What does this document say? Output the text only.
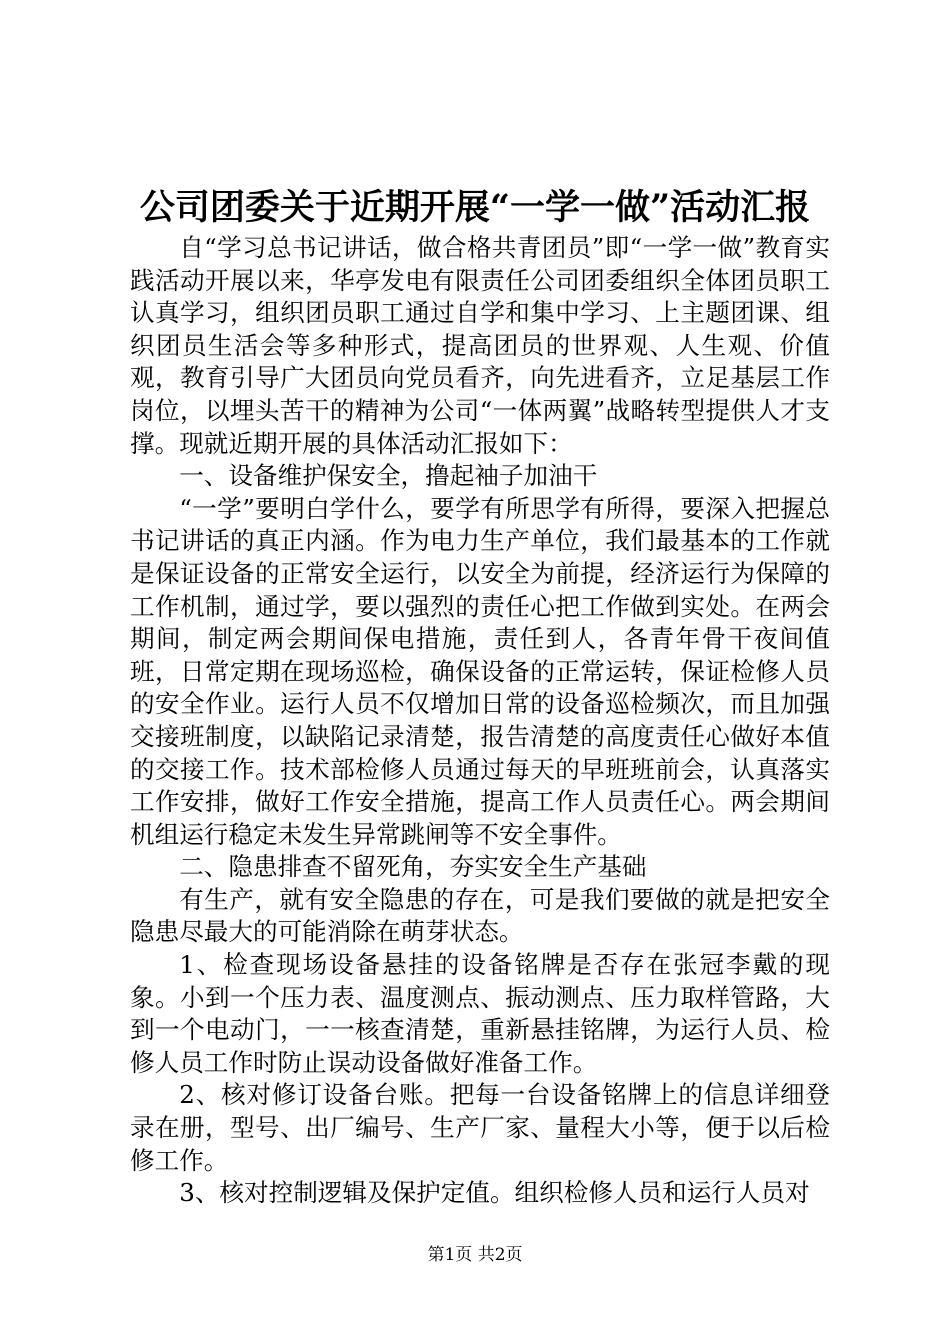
公司团委关于近期开展“一学一做”活动汇报

自“学习总书记讲话，做合格共青团员”即“一学一做”教育实践活动开展以来，华亭发电有限责任公司团委组织全体团员职工认真学习，组织团员职工通过自学和集中学习、上主题团课、组织团员生活会等多种形式，提高团员的世界观、人生观、价值观，教育引导广大团员向党员看齐，向先进看齐，立足基层工作岗位，以埋头苦干的精神为公司“一体两翼”战略转型提供人才支撑。现就近期开展的具体活动汇报如下：

一、设备维护保安全，撸起袖子加油干

“一学”要明白学什么，要学有所思学有所得，要深入把握总书记讲话的真正内涵。作为电力生产单位，我们最基本的工作就是保证设备的正常安全运行，以安全为前提，经济运行为保障的工作机制，通过学，要以强烈的责任心把工作做到实处。在两会期间，制定两会期间保电措施，责任到人，各青年骨干夜间值班，日常定期在现场巡检，确保设备的正常运转，保证检修人员的安全作业。运行人员不仅增加日常的设备巡检频次，而且加强交接班制度，以缺陷记录清楚，报告清楚的高度责任心做好本值的交接工作。技术部检修人员通过每天的早班班前会，认真落实工作安排，做好工作安全措施，提高工作人员责任心。两会期间机组运行稳定未发生异常跳闸等不安全事件。

二、隐患排查不留死角，夯实安全生产基础

有生产，就有安全隐患的存在，可是我们要做的就是把安全隐患尽最大的可能消除在萌芽状态。

1、检查现场设备悬挂的设备铭牌是否存在张冠李戴的现象。小到一个压力表、温度测点、振动测点、压力取样管路，大到一个电动门，一一核查清楚，重新悬挂铭牌，为运行人员、检修人员工作时防止误动设备做好准备工作。

2、核对修订设备台账。把每一台设备铭牌上的信息详细登录在册，型号、出厂编号、生产厂家、量程大小等，便于以后检修工作。

3、核对控制逻辑及保护定值。组织检修人员和运行人员对

第1页 共2页
